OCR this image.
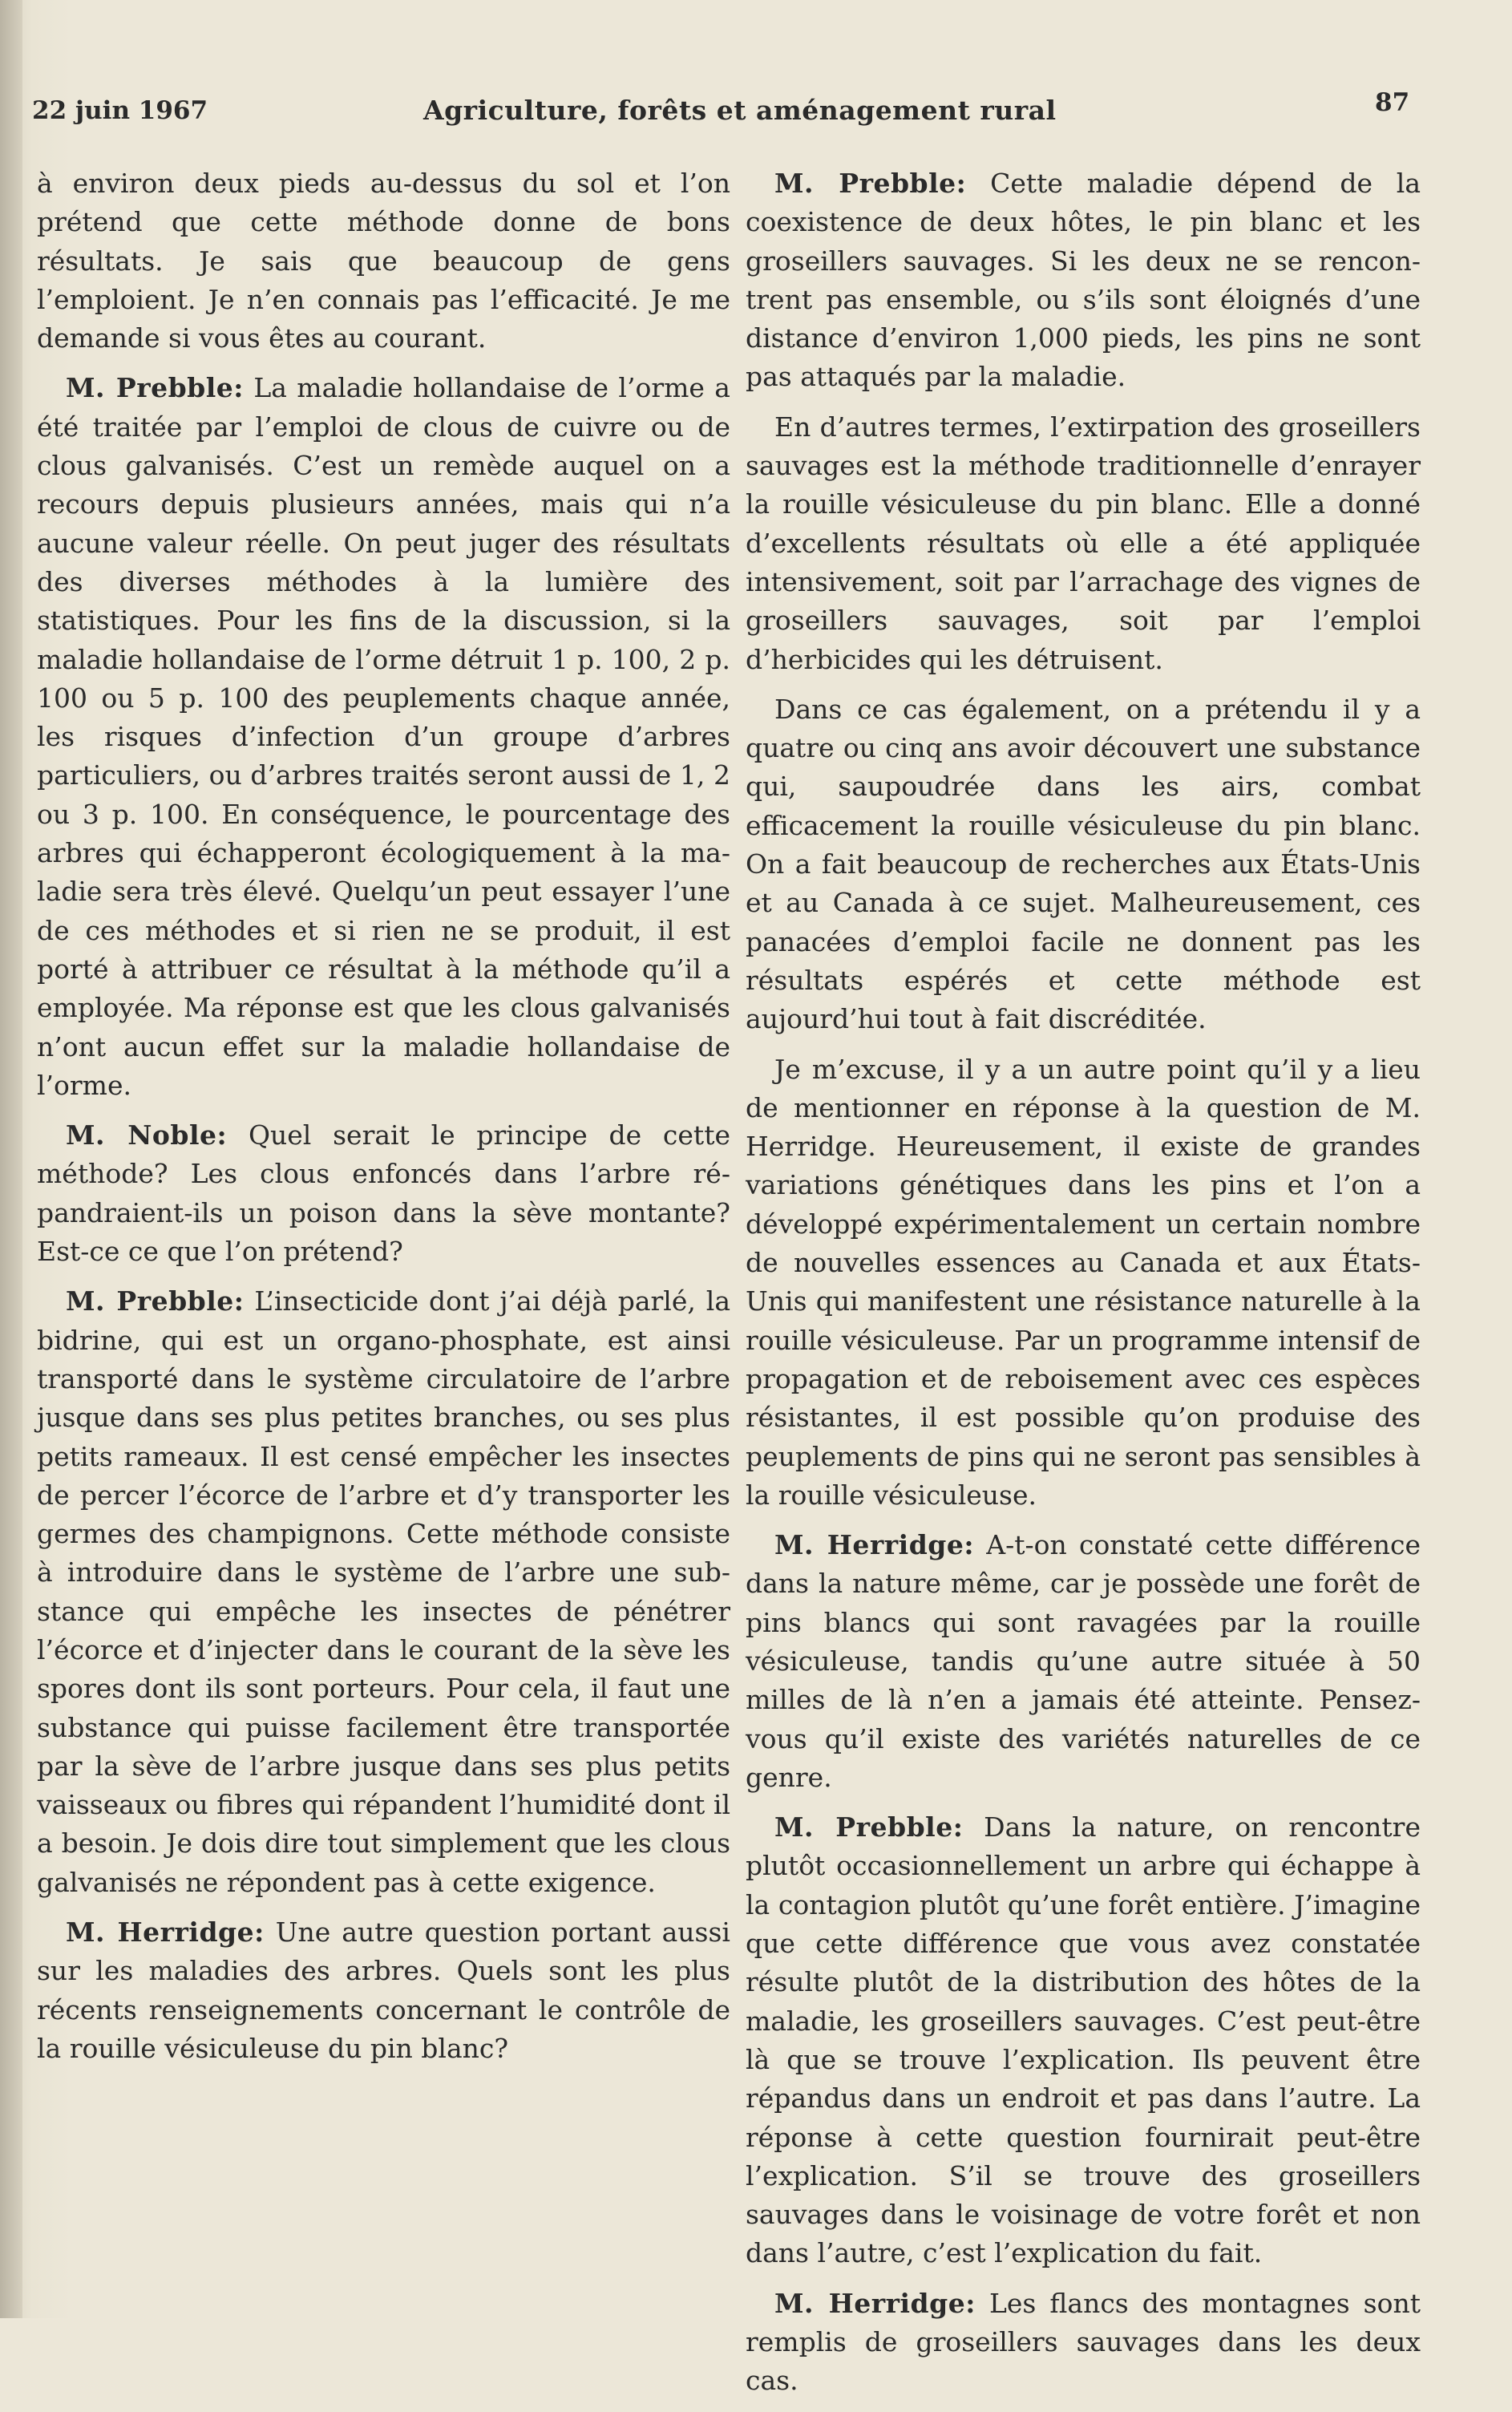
22 juin 1967	Agriculture, forêts et aménagement rural	87

à environ deux pieds au-dessus du sol et l’on prétend que cette méthode donne de bons résultats. Je sais que beaucoup de gens l’emploient. Je n’en connais pas l’efficacité. Je me demande si vous êtes au courant.

M. Prebble: La maladie hollandaise de l’orme a été traitée par l’emploi de clous de cuivre ou de clous galvanisés. C’est un remède auquel on a recours depuis plusieurs années, mais qui n’a aucune valeur réelle. On peut juger des résultats des diverses méthodes à la lumière des statistiques. Pour les fins de la discussion, si la maladie hollandaise de l’orme détruit 1 p. 100, 2 p. 100 ou 5 p. 100 des peuplements chaque année, les risques d’infection d’un groupe d’arbres particuliers, ou d’arbres traités seront aussi de 1, 2 ou 3 p. 100. En conséquence, le pourcentage des arbres qui échapperont écologiquement à la maladie sera très élevé. Quelqu’un peut essayer l’une de ces méthodes et si rien ne se produit, il est porté à attribuer ce résultat à la méthode qu’il a employée. Ma réponse est que les clous galvanisés n’ont aucun effet sur la maladie hollandaise de l’orme.

M. Noble: Quel serait le principe de cette méthode? Les clous enfoncés dans l’arbre répandraient-ils un poison dans la sève montante? Est-ce ce que l’on prétend?

M. Prebble: L’insecticide dont j’ai déjà parlé, la bidrine, qui est un organo-phosphate, est ainsi transporté dans le système circulatoire de l’arbre jusque dans ses plus petites branches, ou ses plus petits rameaux. Il est censé empêcher les insectes de percer l’écorce de l’arbre et d’y transporter les germes des champignons. Cette méthode consiste à introduire dans le système de l’arbre une substance qui empêche les insectes de pénétrer l’écorce et d’injecter dans le courant de la sève les spores dont ils sont porteurs. Pour cela, il faut une substance qui puisse facilement être transportée par la sève de l’arbre jusque dans ses plus petits vaisseaux ou fibres qui répandent l’humidité dont il a besoin. Je dois dire tout simplement que les clous galvanisés ne répondent pas à cette exigence.

M. Herridge: Une autre question portant aussi sur les maladies des arbres. Quels sont les plus récents renseignements concernant le contrôle de la rouille vésiculeuse du pin blanc?

M. Prebble: Cette maladie dépend de la coexistence de deux hôtes, le pin blanc et les groseillers sauvages. Si les deux ne se rencontrent pas ensemble, ou s’ils sont éloignés d’une distance d’environ 1,000 pieds, les pins ne sont pas attaqués par la maladie.

En d’autres termes, l’extirpation des groseillers sauvages est la méthode traditionnelle d’enrayer la rouille vésiculeuse du pin blanc. Elle a donné d’excellents résultats où elle a été appliquée intensivement, soit par l’arrachage des vignes de groseillers sauvages, soit par l’emploi d’herbicides qui les détruisent.

Dans ce cas également, on a prétendu il y a quatre ou cinq ans avoir découvert une substance qui, saupoudrée dans les airs, combat efficacement la rouille vésiculeuse du pin blanc. On a fait beaucoup de recherches aux États-Unis et au Canada à ce sujet. Malheureusement, ces panacées d’emploi facile ne donnent pas les résultats espérés et cette méthode est aujourd’hui tout à fait discréditée.

Je m’excuse, il y a un autre point qu’il y a lieu de mentionner en réponse à la question de M. Herridge. Heureusement, il existe de grandes variations génétiques dans les pins et l’on a développé expérimentalement un certain nombre de nouvelles essences au Canada et aux États-Unis qui manifestent une résistance naturelle à la rouille vésiculeuse. Par un programme intensif de propagation et de reboisement avec ces espèces résistantes, il est possible qu’on produise des peuplements de pins qui ne seront pas sensibles à la rouille vésiculeuse.

M. Herridge: A-t-on constaté cette différence dans la nature même, car je possède une forêt de pins blancs qui sont ravagées par la rouille vésiculeuse, tandis qu’une autre située à 50 milles de là n’en a jamais été atteinte. Pensez-vous qu’il existe des variétés naturelles de ce genre.

M. Prebble: Dans la nature, on rencontre plutôt occasionnellement un arbre qui échappe à la contagion plutôt qu’une forêt entière. J’imagine que cette différence que vous avez constatée résulte plutôt de la distribution des hôtes de la maladie, les groseillers sauvages. C’est peut-être là que se trouve l’explication. Ils peuvent être répandus dans un endroit et pas dans l’autre. La réponse à cette question fournirait peut-être l’explication. S’il se trouve des groseillers sauvages dans le voisinage de votre forêt et non dans l’autre, c’est l’explication du fait.

M. Herridge: Les flancs des montagnes sont remplis de groseillers sauvages dans les deux cas.
